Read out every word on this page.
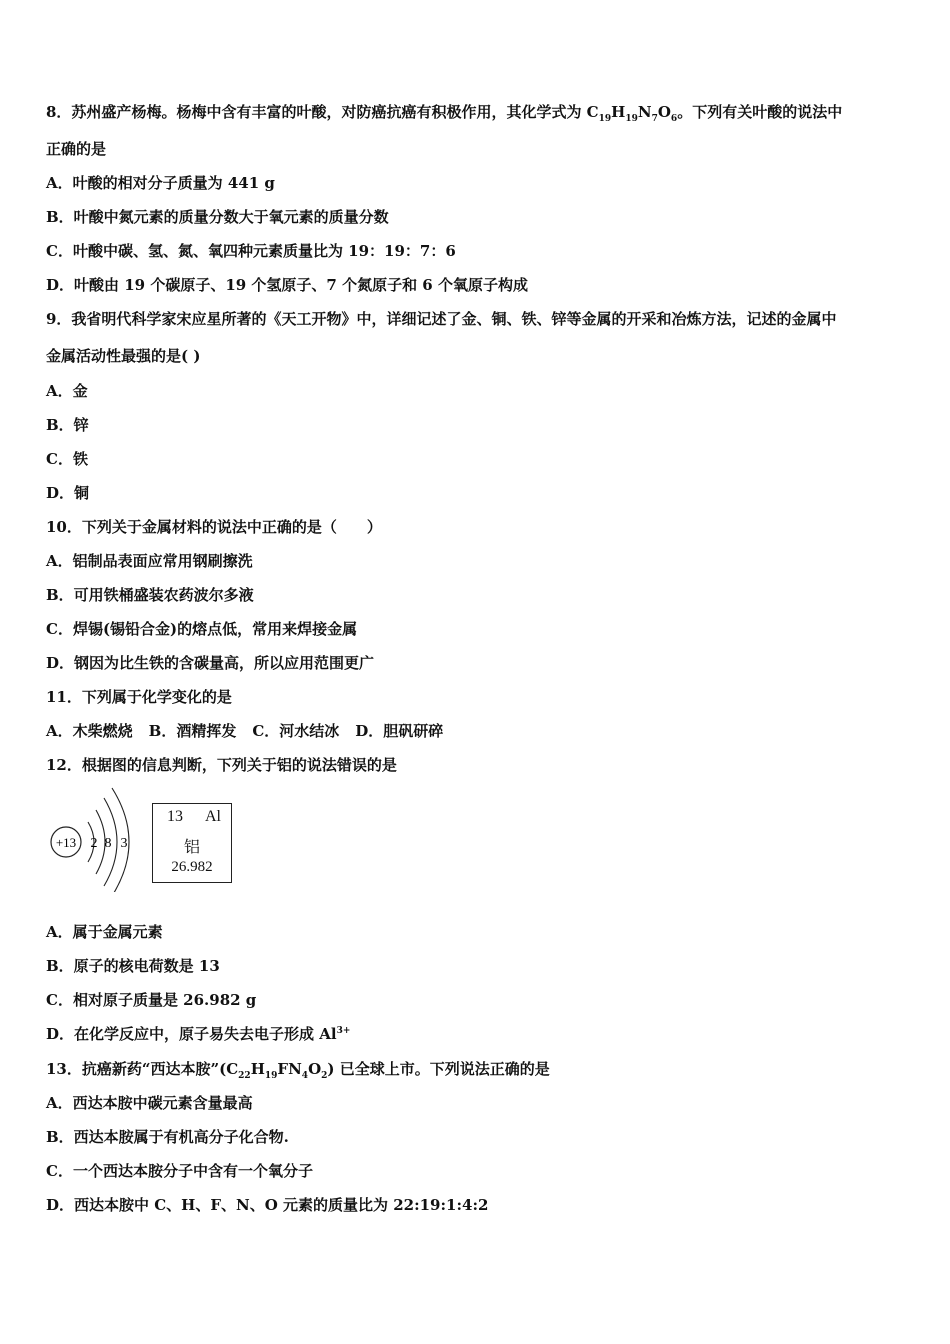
8．苏州盛产杨梅。杨梅中含有丰富的叶酸，对防癌抗癌有积极作用，其化学式为 $C_{19}H_{19}N_7O_6$。下列有关叶酸的说法中
正确的是
A．叶酸的相对分子质量为 441 g
B．叶酸中氮元素的质量分数大于氧元素的质量分数
C．叶酸中碳、氢、氮、氧四种元素质量比为 19：19：7：6
D．叶酸由 19 个碳原子、19 个氢原子、7 个氮原子和 6 个氧原子构成
9．我省明代科学家宋应星所著的《天工开物》中，详细记述了金、铜、铁、锌等金属的开采和冶炼方法，记述的金属中
金属活动性最强的是( )
A．金
B．锌
C．铁
D．铜
10．下列关于金属材料的说法中正确的是（　　）
A．铝制品表面应常用钢刷擦洗
B．可用铁桶盛装农药波尔多液
C．焊锡(锡铅合金)的熔点低，常用来焊接金属
D．钢因为比生铁的含碳量高，所以应用范围更广
11．下列属于化学变化的是
A．木柴燃烧 B．酒精挥发 C．河水结冰 D．胆矾研碎
12．根据图的信息判断，下列关于铝的说法错误的是
+13 2 8 3
13 Al
铝
26.982
A．属于金属元素
B．原子的核电荷数是 13
C．相对原子质量是 26.982 g
D．在化学反应中，原子易失去电子形成 $Al^{3+}$
13．抗癌新药“西达本胺$”(C_{22}H_{19}FN_4O_2)$ 已全球上市。下列说法正确的是
A．西达本胺中碳元素含量最高
B．西达本胺属于有机高分子化合物.
C．一个西达本胺分子中含有一个氧分子
D．西达本胺中 C、H、F、N、O 元素的质量比为 22:19:1:4:2
